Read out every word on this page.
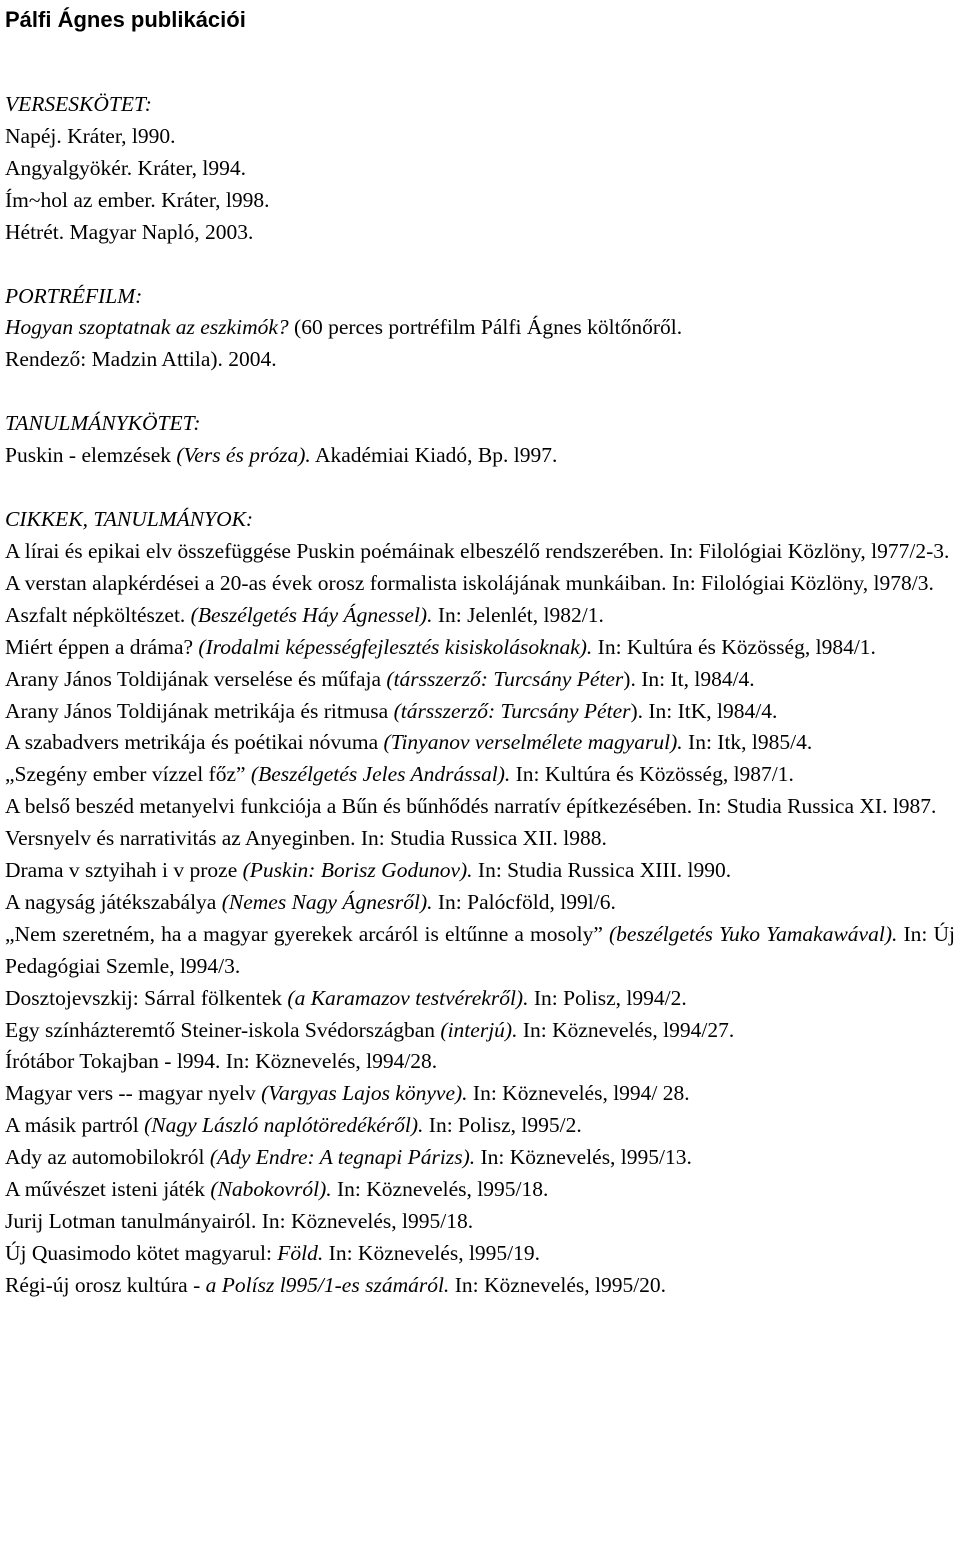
Pálfi Ágnes publikációi
VERSESKÖTET:
Napéj. Kráter, l990.
Angyalgyökér. Kráter, l994.
Ím~hol az ember. Kráter, l998.
Hétrét. Magyar Napló, 2003.
PORTRÉFILM:

Hogyan szoptatnak az eszkimók? (60 perces portréfilm Pálfi Ágnes költőnőről.

Rendező: Madzin Attila). 2004.
TANULMÁNYKÖTET:
Puskin - elemzések (Vers és próza). Akadémiai Kiadó, Bp. l997.
CIKKEK, TANULMÁNYOK:

A lírai és epikai elv összefüggése Puskin poémáinak elbeszélő rendszerében. In: Filológiai Közlöny, l977/2-3.

A verstan alapkérdései a 20-as évek orosz formalista iskolájának munkáiban. In: Filológiai Közlöny, l978/3.

Aszfalt népköltészet. (Beszélgetés Háy Ágnessel). In: Jelenlét, l982/1.

Miért éppen a dráma? (Irodalmi képességfejlesztés kisiskolásoknak). In: Kultúra és Közösség, l984/1.

Arany János Toldijának verselése és műfaja (társszerző: Turcsány Péter). In: It, l984/4.

Arany János Toldijának metrikája és ritmusa (társszerző: Turcsány Péter). In: ItK, l984/4.

A szabadvers metrikája és poétikai nóvuma (Tinyanov verselmélete magyarul). In: Itk, l985/4.

„Szegény ember vízzel főz” (Beszélgetés Jeles Andrással). In: Kultúra és Közösség, l987/1.

A belső beszéd metanyelvi funkciója a Bűn és bűnhődés narratív építkezésében. In: Studia Russica XI. l987.

Versnyelv és narrativitás az Anyeginben. In: Studia Russica XII. l988.

Drama v sztyihah i v proze (Puskin: Borisz Godunov). In: Studia Russica XIII. l990.

A nagyság játékszabálya (Nemes Nagy Ágnesről). In: Palócföld, l99l/6.

„Nem szeretném, ha a magyar gyerekek arcáról is eltűnne a mosoly” (beszélgetés Yuko Yamakawával). In: Új Pedagógiai Szemle, l994/3.

Dosztojevszkij: Sárral fölkentek (a Karamazov testvérekről). In: Polisz, l994/2.

Egy színházteremtő Steiner-iskola Svédországban (interjú). In: Köznevelés, l994/27.

Írótábor Tokajban - l994. In: Köznevelés, l994/28.

Magyar vers -- magyar nyelv (Vargyas Lajos könyve). In: Köznevelés, l994/ 28.

A másik partról (Nagy László naplótöredékéről). In: Polisz, l995/2.

Ady az automobilokról (Ady Endre: A tegnapi Párizs). In: Köznevelés, l995/13.

A művészet isteni játék (Nabokovról). In: Köznevelés, l995/18.

Jurij Lotman tanulmányairól. In: Köznevelés, l995/18.

Új Quasimodo kötet magyarul: Föld. In: Köznevelés, l995/19.

Régi-új orosz kultúra - a Polísz l995/1-es számáról. In: Köznevelés, l995/20.
